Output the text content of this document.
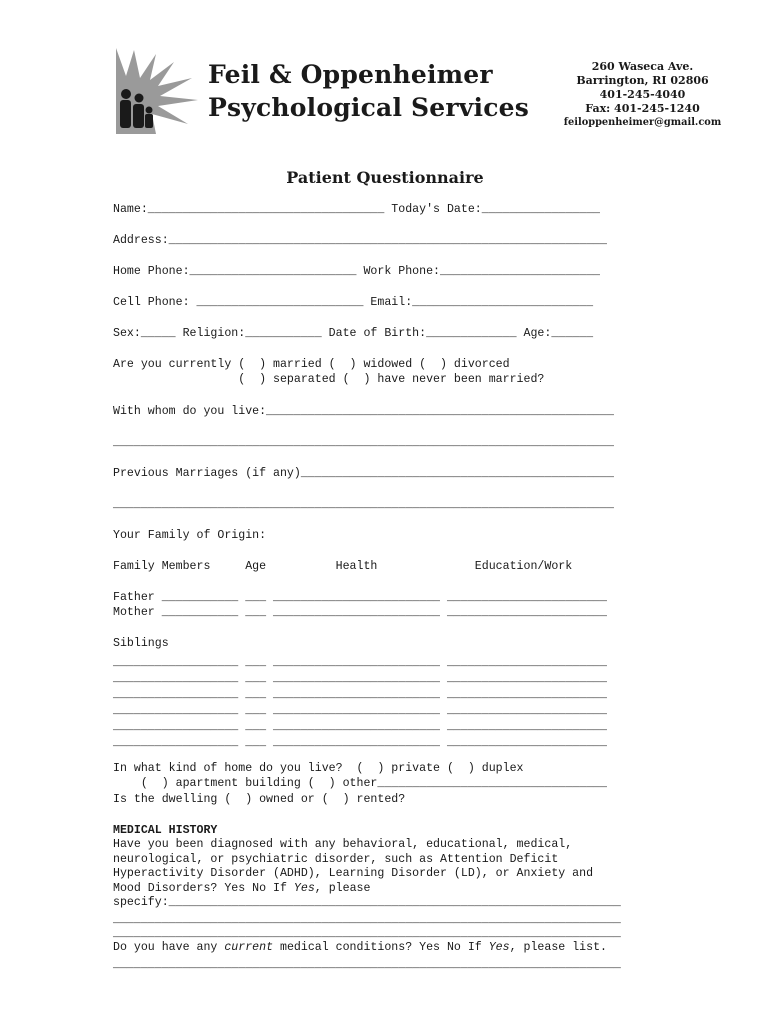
Feil & Oppenheimer
Psychological Services
260 Waseca Ave.
Barrington, RI 02806
401-245-4040
Fax: 401-245-1240
feiloppenheimer@gmail.com
Patient Questionnaire
Name:__________________________________ Today's Date:_________________
Address:_______________________________________________________________
Home Phone:________________________ Work Phone:_______________________
Cell Phone: ________________________ Email:__________________________
Sex:_____ Religion:___________ Date of Birth:_____________ Age:______
Are you currently (  ) married (  ) widowed (  ) divorced
(  ) separated (  ) have never been married?
With whom do you live:__________________________________________________
________________________________________________________________________
Previous Marriages (if any)_____________________________________________
________________________________________________________________________
Your Family of Origin:
Family Members     Age          Health              Education/Work
Father ___________ ___ ________________________ _______________________
Mother ___________ ___ ________________________ _______________________
Siblings
__________________ ___ ________________________ _______________________
__________________ ___ ________________________ _______________________
__________________ ___ ________________________ _______________________
__________________ ___ ________________________ _______________________
__________________ ___ ________________________ _______________________
__________________ ___ ________________________ _______________________
In what kind of home do you live?  (  ) private (  ) duplex
(  ) apartment building (  ) other_________________________________
Is the dwelling (  ) owned or (  ) rented?
MEDICAL HISTORY
Have you been diagnosed with any behavioral, educational, medical,
neurological, or psychiatric disorder, such as Attention Deficit
Hyperactivity Disorder (ADHD), Learning Disorder (LD), or Anxiety and
Mood Disorders? Yes No If Yes, please
specify:_________________________________________________________________
_________________________________________________________________________
_________________________________________________________________________
Do you have any current medical conditions? Yes No If Yes, please list.
_________________________________________________________________________
